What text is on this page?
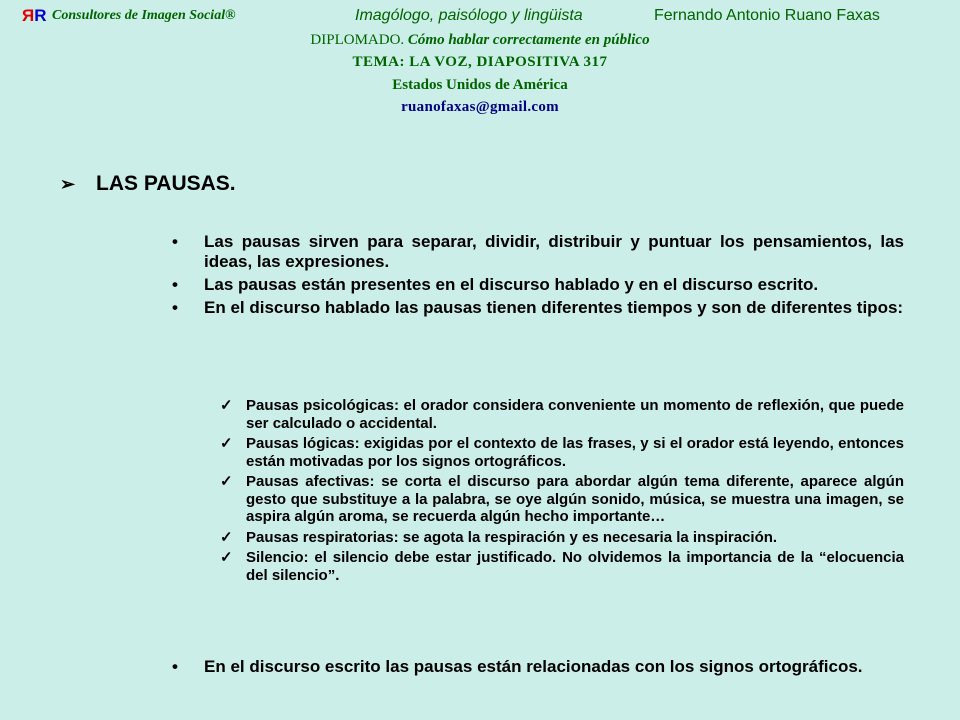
ЯR Consultores de Imagen Social®	Imagólogo, paisólogo y lingüista	Fernando Antonio Ruano Faxas
DIPLOMADO. Cómo hablar correctamente en público
TEMA: LA VOZ, DIAPOSITIVA 317
Estados Unidos de América
ruanofaxas@gmail.com
➢ LAS PAUSAS.
• Las pausas sirven para separar, dividir, distribuir y puntuar los pensamientos, las ideas, las expresiones.
• Las pausas están presentes en el discurso hablado y en el discurso escrito.
• En el discurso hablado las pausas tienen diferentes tiempos y son de diferentes tipos:
✓ Pausas psicológicas: el orador considera conveniente un momento de reflexión, que puede ser calculado o accidental.
✓ Pausas lógicas: exigidas por el contexto de las frases, y si el orador está leyendo, entonces están motivadas por los signos ortográficos.
✓ Pausas afectivas: se corta el discurso para abordar algún tema diferente, aparece algún gesto que substituye a la palabra, se oye algún sonido, música, se muestra una imagen, se aspira algún aroma, se recuerda algún hecho importante…
✓ Pausas respiratorias: se agota la respiración y es necesaria la inspiración.
✓ Silencio: el silencio debe estar justificado. No olvidemos la importancia de la “elocuencia del silencio”.
• En el discurso escrito las pausas están relacionadas con los signos ortográficos.
